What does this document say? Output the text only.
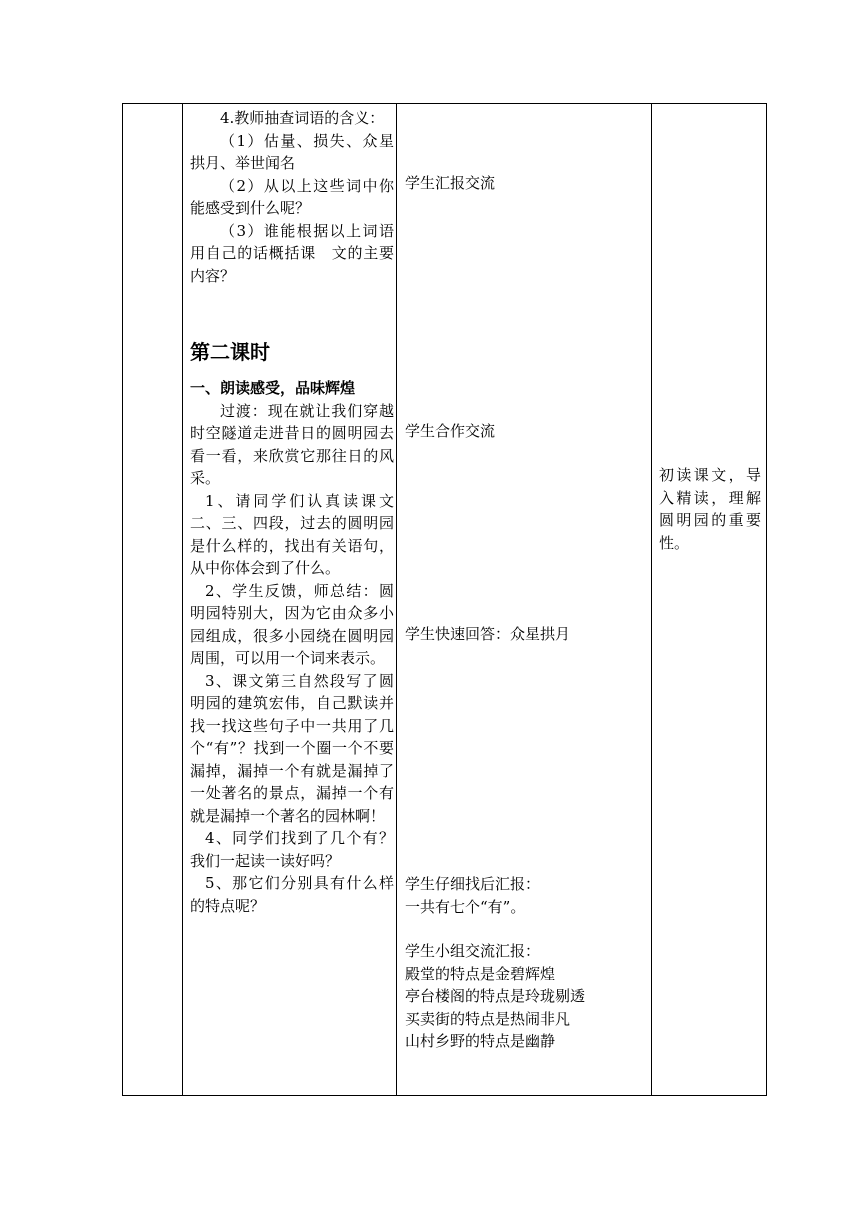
4.教师抽查词语的含义：

（1）估量、损失、众星拱月、举世闻名

（2）从以上这些词中你能感受到什么呢？

（3）谁能根据以上词语用自己的话概括课　文的主要内容？

第二课时

一、朗读感受，品味辉煌

过渡：现在就让我们穿越时空隧道走进昔日的圆明园去看一看，来欣赏它那往日的风采。

1、请同学们认真读课文二、三、四段，过去的圆明园是什么样的，找出有关语句，从中你体会到了什么。

2、学生反馈，师总结：圆明园特别大，因为它由众多小园组成，很多小园绕在圆明园周围，可以用一个词来表示。

3、课文第三自然段写了圆明园的建筑宏伟，自己默读并找一找这些句子中一共用了几个“有”？找到一个圈一个不要漏掉，漏掉一个有就是漏掉了一处著名的景点，漏掉一个有就是漏掉一个著名的园林啊！

4、同学们找到了几个有？我们一起读一读好吗？

5、那它们分别具有什么样的特点呢？

学生汇报交流

学生合作交流

学生快速回答：众星拱月

学生仔细找后汇报：

一共有七个“有”。

学生小组交流汇报：

殿堂的特点是金碧辉煌

亭台楼阁的特点是玲珑剔透

买卖街的特点是热闹非凡

山村乡野的特点是幽静

初读课文，导入精读，理解圆明园的重要性。
